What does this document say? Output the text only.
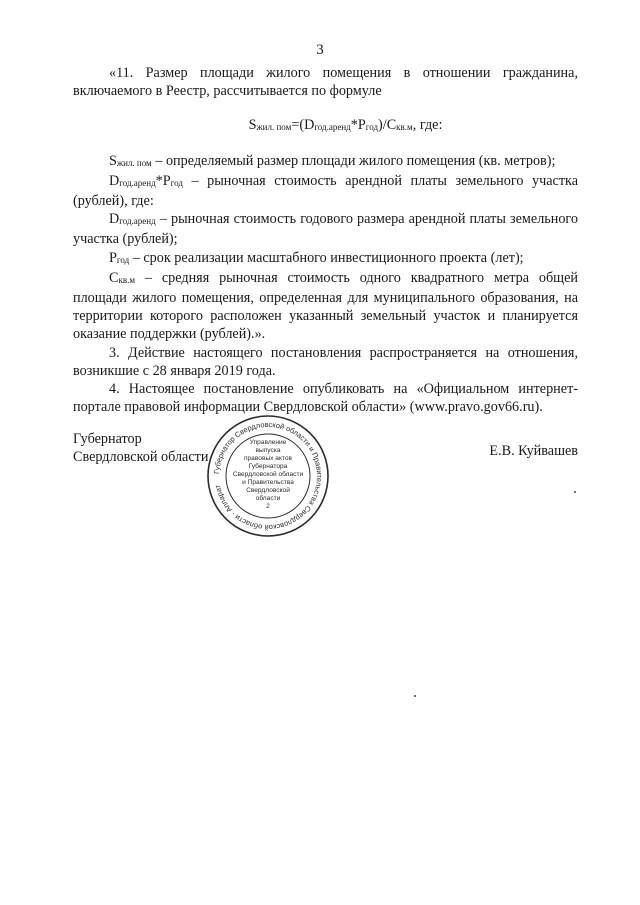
3

«11. Размер площади жилого помещения в отношении гражданина, включаемого в Реестр, рассчитывается по формуле

$S_{жил. пом}=(D_{год.аренд}*P_{год})/C_{кв.м}$, где:

$S_{жил. пом}$ – определяемый размер площади жилого помещения (кв. метров);

$D_{год.аренд}*P_{год}$ – рыночная стоимость арендной платы земельного участка (рублей), где:

$D_{год.аренд}$ – рыночная стоимость годового размера арендной платы земельного участка (рублей);

$P_{год}$ – срок реализации масштабного инвестиционного проекта (лет);

$C_{кв.м}$ – средняя рыночная стоимость одного квадратного метра общей площади жилого помещения, определенная для муниципального образования, на территории которого расположен указанный земельный участок и планируется оказание поддержки (рублей).».

3. Действие настоящего постановления распространяется на отношения, возникшие с 28 января 2019 года.

4. Настоящее постановление опубликовать на «Официальном интернет-портале правовой информации Свердловской области» (www.pravo.gov66.ru).

Губернатор
Свердловской области	Е.В. Куйвашев
Губернатор Свердловской области и Правительства Свердловской области · Аппарат
Управление
выпуска
правовых актов
Губернатора
Свердловской области
и Правительства
Свердловской
области
2
